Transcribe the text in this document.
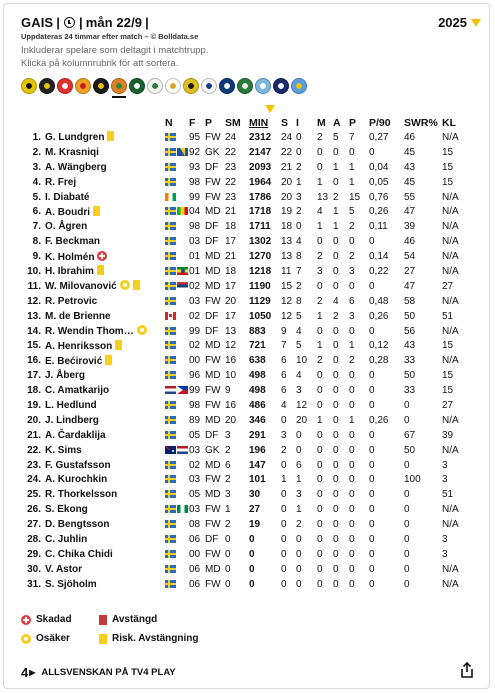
GAIS | | mån 22/9 |	2025
Uppdateras 24 timmar efter match – © Bolldata.se
Inkluderar spelare som deltagit i matchtrupp.
Klicka på kolumnrubrik för att sortera.
		N	F	P	SM	MIN	S	I	M	A	P	P/90	SWR%	KL
1.	G. Lundgren		95	FW	24	2312	24	0	2	5	7	0,27	46	N/A
2.	M. Krasniqi		92	GK	22	2147	22	0	0	0	0	0	45	15
3.	A. Wängberg		93	DF	23	2093	21	2	0	1	1	0,04	43	15
4.	R. Frej		98	FW	22	1964	20	1	1	0	1	0,05	45	15
5.	I. Diabaté		99	FW	23	1786	20	3	13	2	15	0,76	55	N/A
6.	A. Boudri		04	MD	21	1718	19	2	4	1	5	0,26	47	N/A
7.	O. Ågren		98	DF	18	1711	18	0	1	1	2	0,11	39	N/A
8.	F. Beckman		03	DF	17	1302	13	4	0	0	0	0	46	N/A
9.	K. Holmén		01	MD	21	1270	13	8	2	0	2	0,14	54	N/A
10.	H. Ibrahim		01	MD	18	1218	11	7	3	0	3	0,22	27	N/A
11.	W. Milovanović		02	MD	17	1190	15	2	0	0	0	0	47	27
12.	R. Petrovic		03	FW	20	1129	12	8	2	4	6	0,48	58	N/A
13.	M. de Brienne		02	DF	17	1050	12	5	1	2	3	0,26	50	51
14.	R. Wendin Thom…		99	DF	13	883	9	4	0	0	0	0	56	N/A
15.	A. Henriksson		02	MD	12	721	7	5	1	0	1	0,12	43	15
16.	E. Bećirović		00	FW	16	638	6	10	2	0	2	0,28	33	N/A
17.	J. Åberg		96	MD	10	498	6	4	0	0	0	0	50	15
18.	C. Amatkarijo		99	FW	9	498	6	3	0	0	0	0	33	15
19.	L. Hedlund		98	FW	16	486	4	12	0	0	0	0	0	27
20.	J. Lindberg		89	MD	20	346	0	20	1	0	1	0,26	0	N/A
21.	A. Čardaklija		05	DF	3	291	3	0	0	0	0	0	67	39
22.	K. Sims		03	GK	2	196	2	0	0	0	0	0	50	N/A
23.	F. Gustafsson		02	MD	6	147	0	6	0	0	0	0	0	3
24.	A. Kurochkin		03	FW	2	101	1	1	0	0	0	0	100	3
25.	R. Thorkelsson		05	MD	3	30	0	3	0	0	0	0	0	51
26.	S. Ekong		03	FW	1	27	0	1	0	0	0	0	0	N/A
27.	D. Bengtsson		08	FW	2	19	0	2	0	0	0	0	0	N/A
28.	C. Juhlin		06	DF	0	0	0	0	0	0	0	0	0	3
29.	C. Chika Chidi		00	FW	0	0	0	0	0	0	0	0	0	3
30.	V. Astor		06	MD	0	0	0	0	0	0	0	0	0	N/A
31.	S. Sjöholm		06	FW	0	0	0	0	0	0	0	0	0	N/A
Skadad	Avstängd
Osäker	Risk. Avstängning
4 ▶ ALLSVENSKAN PÅ TV4 PLAY
